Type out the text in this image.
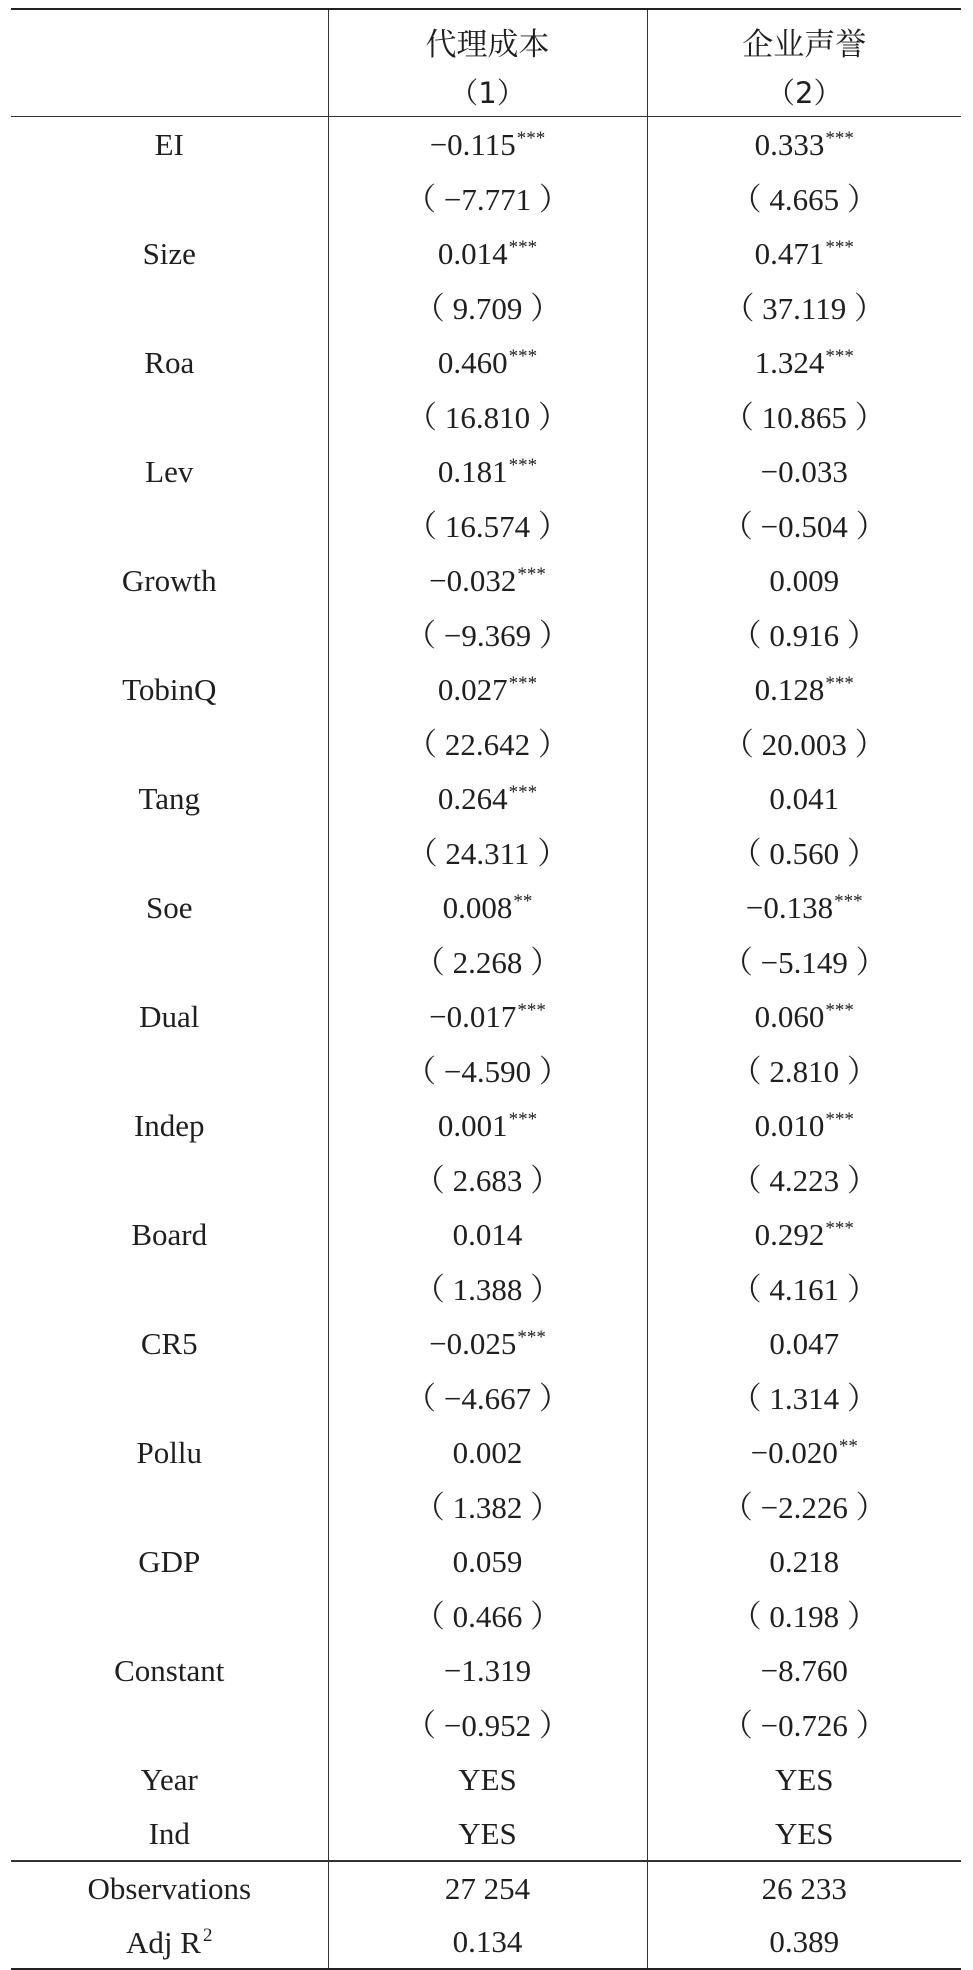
	代理成本	企业声誉
	（1）	（2）
EI	−0.115***	0.333***
	（ −7.771 ）	（ 4.665 ）
Size	0.014***	0.471***
	（ 9.709 ）	（ 37.119 ）
Roa	0.460***	1.324***
	（ 16.810 ）	（ 10.865 ）
Lev	0.181***	−0.033
	（ 16.574 ）	（ −0.504 ）
Growth	−0.032***	0.009
	（ −9.369 ）	（ 0.916 ）
TobinQ	0.027***	0.128***
	（ 22.642 ）	（ 20.003 ）
Tang	0.264***	0.041
	（ 24.311 ）	（ 0.560 ）
Soe	0.008**	−0.138***
	（ 2.268 ）	（ −5.149 ）
Dual	−0.017***	0.060***
	（ −4.590 ）	（ 2.810 ）
Indep	0.001***	0.010***
	（ 2.683 ）	（ 4.223 ）
Board	0.014	0.292***
	（ 1.388 ）	（ 4.161 ）
CR5	−0.025***	0.047
	（ −4.667 ）	（ 1.314 ）
Pollu	0.002	−0.020**
	（ 1.382 ）	（ −2.226 ）
GDP	0.059	0.218
	（ 0.466 ）	（ 0.198 ）
Constant	−1.319	−8.760
	（ −0.952 ）	（ −0.726 ）
Year	YES	YES
Ind	YES	YES
Observations	27 254	26 233
Adj R $^2$	0.134	0.389
